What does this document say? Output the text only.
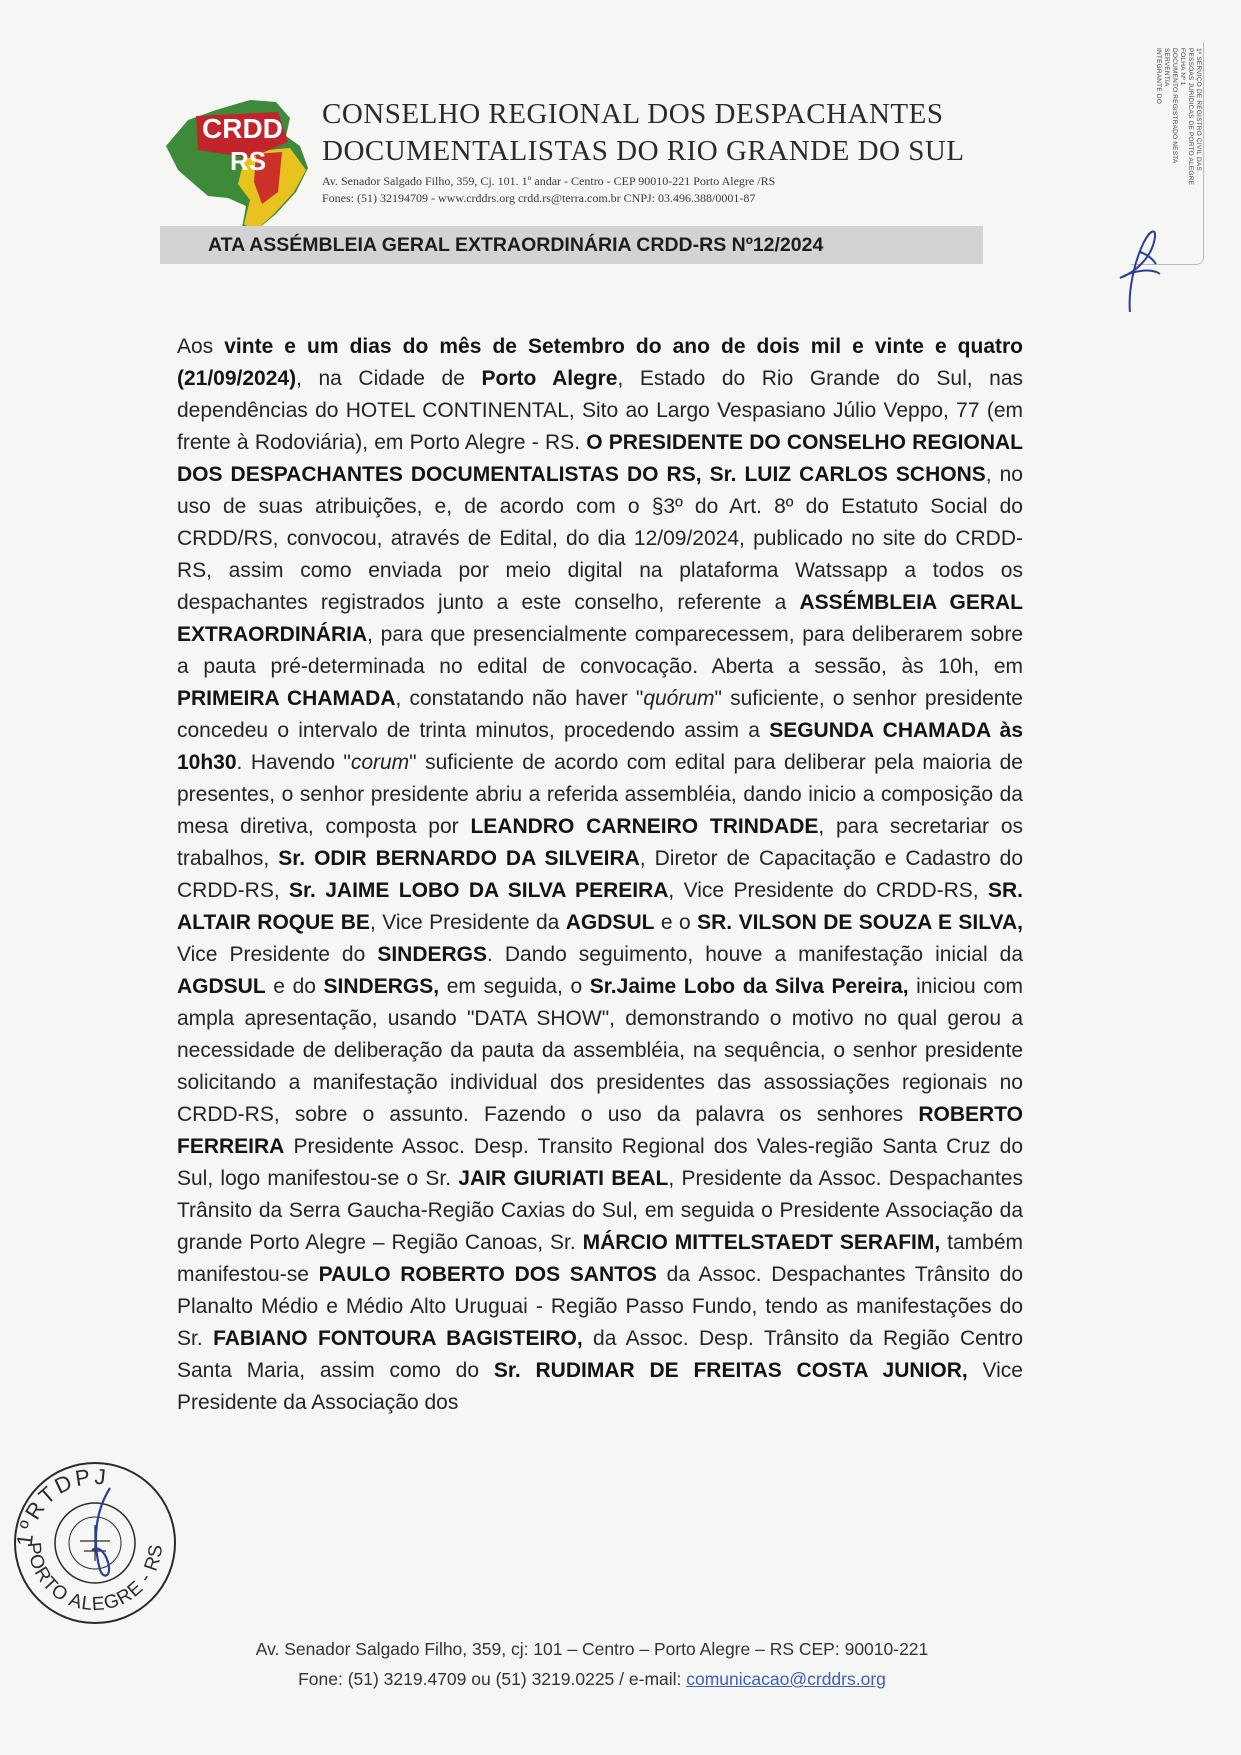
CRDD
RS
CONSELHO REGIONAL DOS DESPACHANTES
DOCUMENTALISTAS DO RIO GRANDE DO SUL
Av. Senador Salgado Filho, 359, Cj. 101. 1º andar - Centro - CEP 90010-221 Porto Alegre /RS
Fones: (51) 32194709 - www.crddrs.org crdd.rs@terra.com.br CNPJ: 03.496.388/0001-87
ATA ASSÉMBLEIA GERAL EXTRAORDINÁRIA CRDD-RS Nº12/2024
1º SERVIÇO DE REGISTRO CIVIL DAS
PESSOAS JURÍDICAS DE PORTO ALEGRE
FOLHA Nº 1
DOCUMENTO REGISTRADO NESTA
SERVENTIA
INTEGRANTE DO
Aos vinte e um dias do mês de Setembro do ano de dois mil e vinte e quatro (21/09/2024), na Cidade de Porto Alegre, Estado do Rio Grande do Sul, nas dependências do HOTEL CONTINENTAL, Sito ao Largo Vespasiano Júlio Veppo, 77 (em frente à Rodoviária), em Porto Alegre - RS. O PRESIDENTE DO CONSELHO REGIONAL DOS DESPACHANTES DOCUMENTALISTAS DO RS, Sr. LUIZ CARLOS SCHONS, no uso de suas atribuições, e, de acordo com o §3º do Art. 8º do Estatuto Social do CRDD/RS, convocou, através de Edital, do dia 12/09/2024, publicado no site do CRDD-RS, assim como enviada por meio digital na plataforma Watssapp a todos os despachantes registrados junto a este conselho, referente a ASSÉMBLEIA GERAL EXTRAORDINÁRIA, para que presencialmente comparecessem, para deliberarem sobre a pauta pré-determinada no edital de convocação. Aberta a sessão, às 10h, em PRIMEIRA CHAMADA, constatando não haver "quórum" suficiente, o senhor presidente concedeu o intervalo de trinta minutos, procedendo assim a SEGUNDA CHAMADA às 10h30. Havendo "corum" suficiente de acordo com edital para deliberar pela maioria de presentes, o senhor presidente abriu a referida assembléia, dando inicio a composição da mesa diretiva, composta por LEANDRO CARNEIRO TRINDADE, para secretariar os trabalhos, Sr. ODIR BERNARDO DA SILVEIRA, Diretor de Capacitação e Cadastro do CRDD-RS, Sr. JAIME LOBO DA SILVA PEREIRA, Vice Presidente do CRDD-RS, SR. ALTAIR ROQUE BE, Vice Presidente da AGDSUL e o SR. VILSON DE SOUZA E SILVA, Vice Presidente do SINDERGS. Dando seguimento, houve a manifestação inicial da AGDSUL e do SINDERGS, em seguida, o Sr.Jaime Lobo da Silva Pereira, iniciou com ampla apresentação, usando "DATA SHOW", demonstrando o motivo no qual gerou a necessidade de deliberação da pauta da assembléia, na sequência, o senhor presidente solicitando a manifestação individual dos presidentes das assossiações regionais no CRDD-RS, sobre o assunto. Fazendo o uso da palavra os senhores ROBERTO FERREIRA Presidente Assoc. Desp. Transito Regional dos Vales-região Santa Cruz do Sul, logo manifestou-se o Sr. JAIR GIURIATI BEAL, Presidente da Assoc. Despachantes Trânsito da Serra Gaucha-Região Caxias do Sul, em seguida o Presidente Associação da grande Porto Alegre – Região Canoas, Sr. MÁRCIO MITTELSTAEDT SERAFIM, também manifestou-se PAULO ROBERTO DOS SANTOS da Assoc. Despachantes Trânsito do Planalto Médio e Médio Alto Uruguai - Região Passo Fundo, tendo as manifestações do Sr. FABIANO FONTOURA BAGISTEIRO, da Assoc. Desp. Trânsito da Região Centro Santa Maria, assim como do Sr. RUDIMAR DE FREITAS COSTA JUNIOR, Vice Presidente da Associação dos
1ºRTDPJ
PORTO ALEGRE - RS
Av. Senador Salgado Filho, 359, cj: 101 – Centro – Porto Alegre – RS CEP: 90010-221
Fone: (51) 3219.4709 ou (51) 3219.0225 / e-mail: comunicacao@crddrs.org
